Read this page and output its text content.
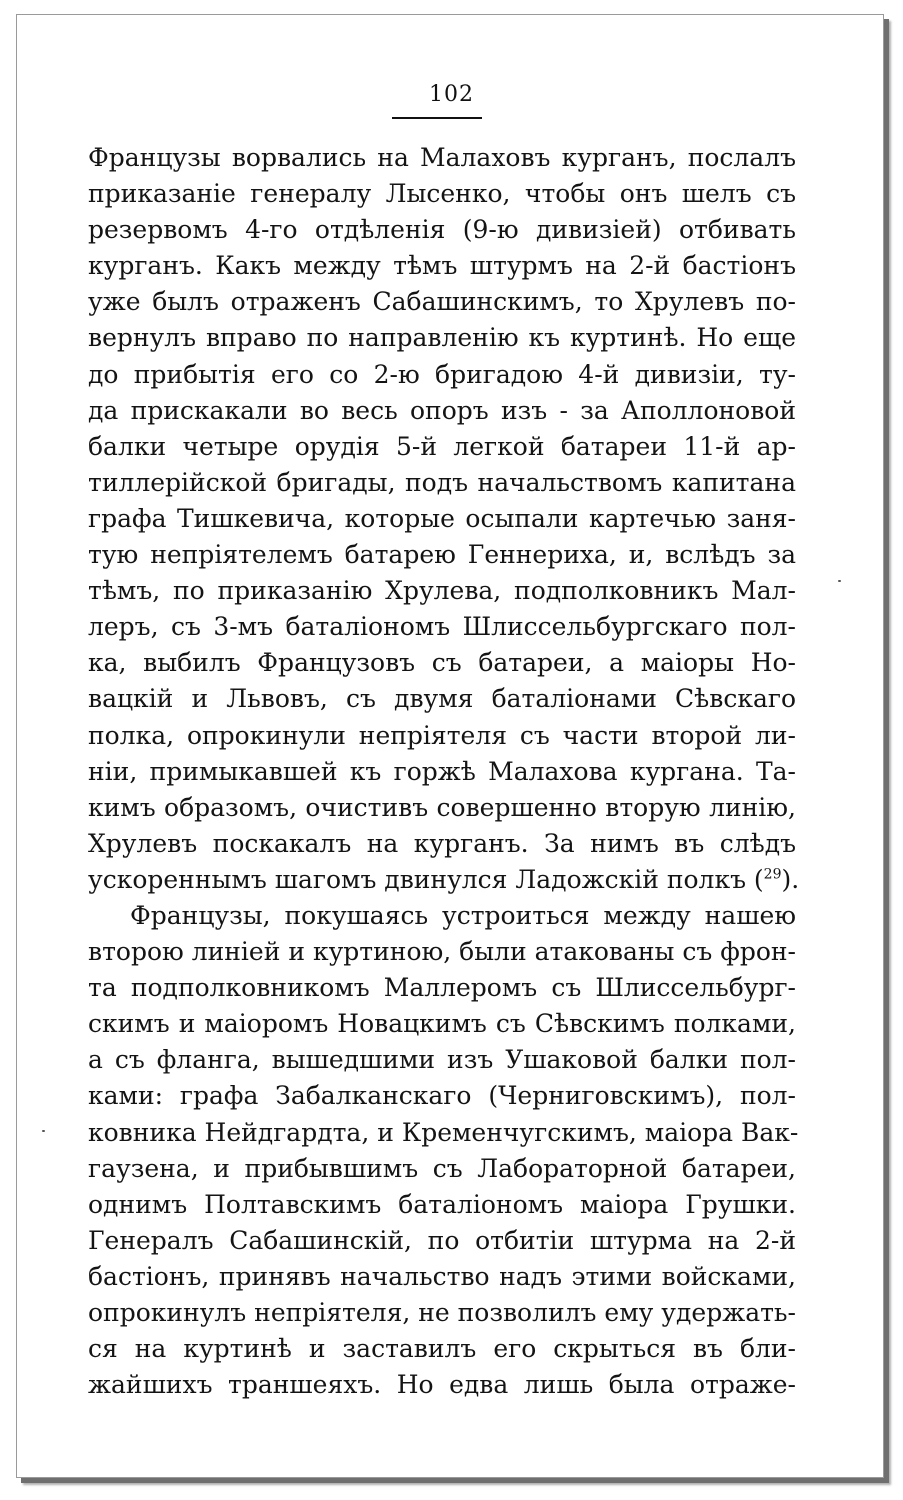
102
Французы ворвались на Малаховъ курганъ, послалъ
приказаніе генералу Лысенко, чтобы онъ шелъ съ
резервомъ 4-го отдѣленія (9-ю дивизіей) отбивать
курганъ. Какъ между тѣмъ штурмъ на 2-й бастіонъ
уже былъ отраженъ Сабашинскимъ, то Хрулевъ по-
вернулъ вправо по направленію къ куртинѣ. Но еще
до прибытія его со 2-ю бригадою 4-й дивизіи, ту-
да прискакали во весь опоръ изъ - за Аполлоновой
балки четыре орудія 5-й легкой батареи 11-й ар-
тиллерійской бригады, подъ начальствомъ капитана
графа Тишкевича, которые осыпали картечью заня-
тую непріятелемъ батарею Геннериха, и, вслѣдъ за
тѣмъ, по приказанію Хрулева, подполковникъ Мал-
леръ, съ 3-мъ баталіономъ Шлиссельбургскаго пол-
ка, выбилъ Французовъ съ батареи, а маіоры Но-
вацкій и Львовъ, съ двумя баталіонами Сѣвскаго
полка, опрокинули непріятеля съ части второй ли-
ніи, примыкавшей къ горжѣ Малахова кургана. Та-
кимъ образомъ, очистивъ совершенно вторую линію,
Хрулевъ поскакалъ на курганъ. За нимъ въ слѣдъ
ускореннымъ шагомъ двинулся Ладожскій полкъ ($^{29}$).
Французы, покушаясь устроиться между нашею
второю линіей и куртиною, были атакованы съ фрон-
та подполковникомъ Маллеромъ съ Шлиссельбург-
скимъ и маіоромъ Новацкимъ съ Сѣвскимъ полками,
а съ фланга, вышедшими изъ Ушаковой балки пол-
ками: графа Забалканскаго (Черниговскимъ), пол-
ковника Нейдгардта, и Кременчугскимъ, маіора Вак-
гаузена, и прибывшимъ съ Лабораторной батареи,
однимъ Полтавскимъ баталіономъ маіора Грушки.
Генералъ Сабашинскій, по отбитіи штурма на 2-й
бастіонъ, принявъ начальство надъ этими войсками,
опрокинулъ непріятеля, не позволилъ ему удержать-
ся на куртинѣ и заставилъ его скрыться въ бли-
жайшихъ траншеяхъ. Но едва лишь была отраже-
